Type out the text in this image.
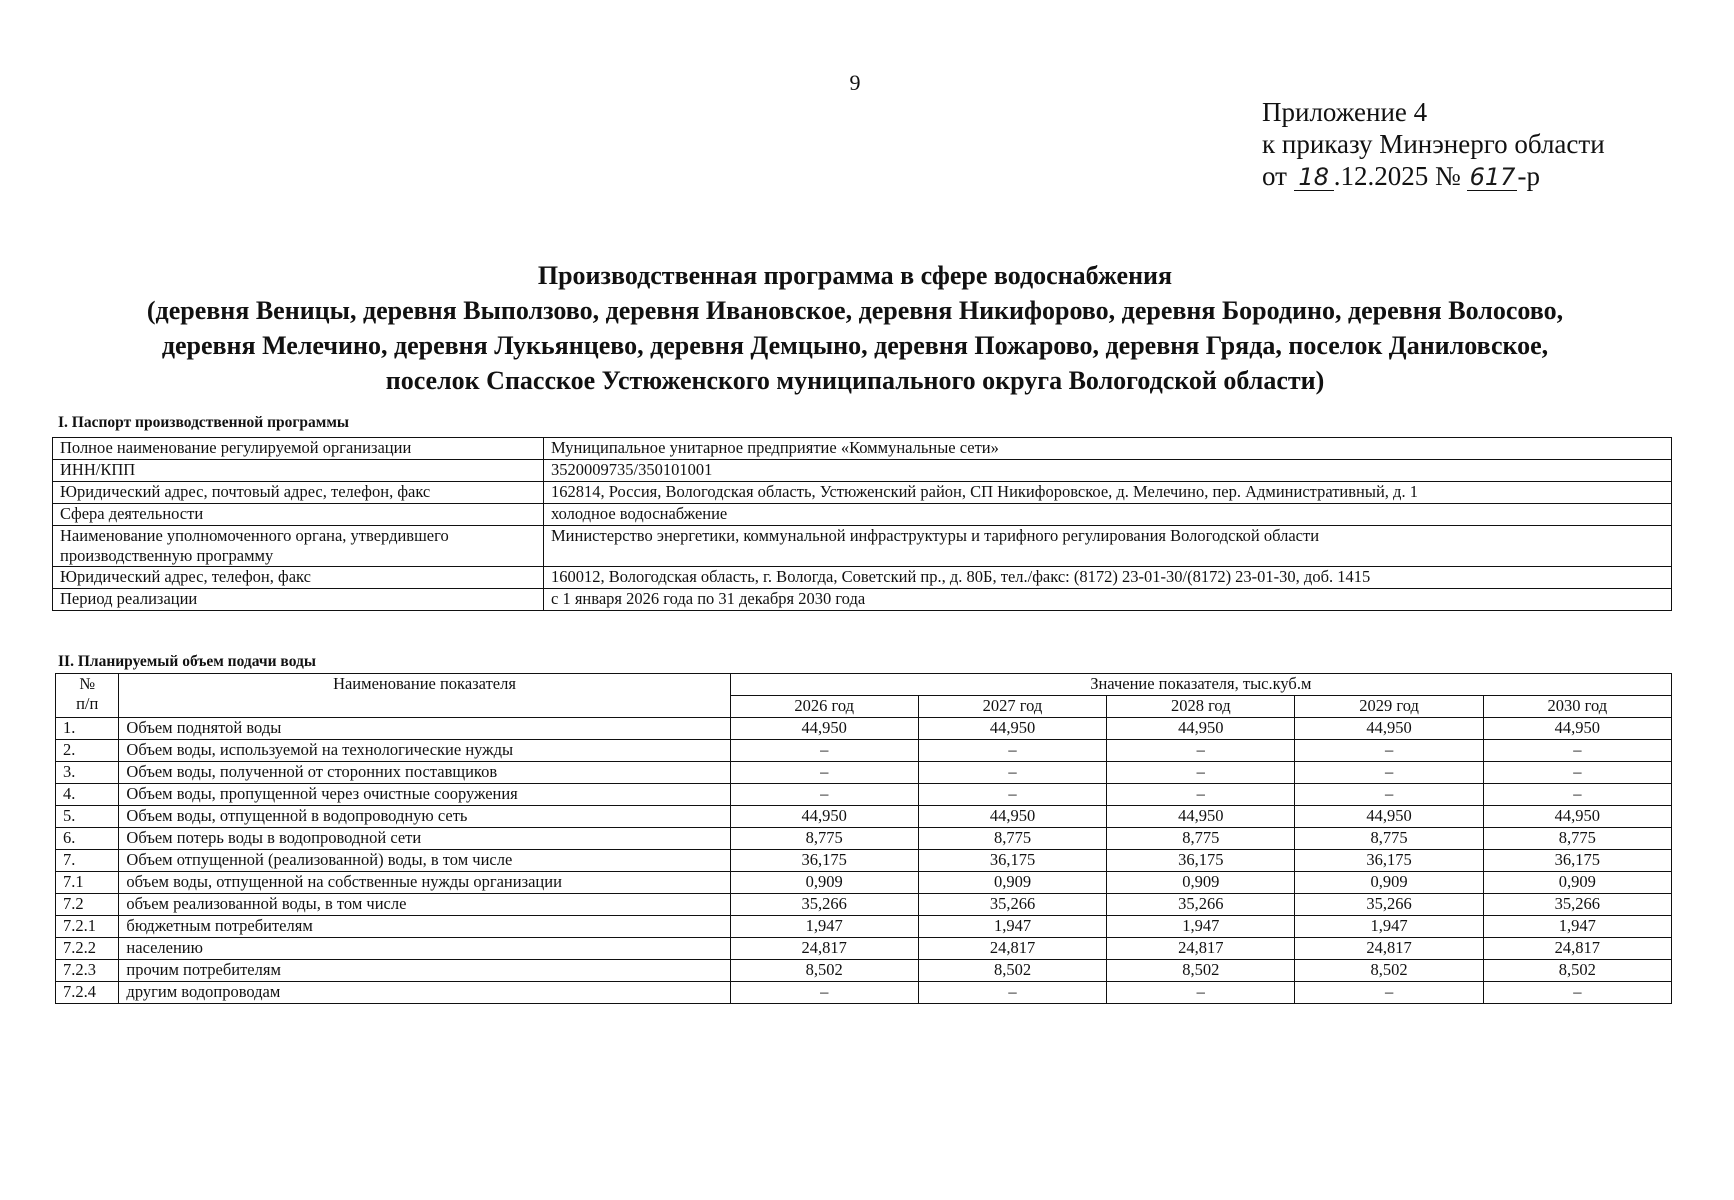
9
Приложение 4
к приказу Минэнерго области
от 18 .12.2025 № 617-р
Производственная программа в сфере водоснабжения
(деревня Веницы, деревня Выползово, деревня Ивановское, деревня Никифорово, деревня Бородино, деревня Волосово,
деревня Мелечино, деревня Лукьянцево, деревня Демцыно, деревня Пожарово, деревня Гряда, поселок Даниловское,
поселок Спасское Устюженского муниципального округа Вологодской области)
I. Паспорт производственной программы
Полное наименование регулируемой организации	Муниципальное унитарное предприятие «Коммунальные сети»
ИНН/КПП	3520009735/350101001
Юридический адрес, почтовый адрес, телефон, факс	162814, Россия, Вологодская область, Устюженский район, СП Никифоровское, д. Мелечино, пер. Административный, д. 1
Сфера деятельности	холодное водоснабжение
Наименование уполномоченного органа, утвердившего производственную программу	Министерство энергетики, коммунальной инфраструктуры и тарифного регулирования Вологодской области
Юридический адрес, телефон, факс	160012, Вологодская область, г. Вологда, Советский пр., д. 80Б, тел./факс: (8172) 23-01-30/(8172) 23-01-30, доб. 1415
Период реализации	с 1 января 2026 года по 31 декабря 2030 года
II. Планируемый объем подачи воды
№
п/п	Наименование показателя	Значение показателя, тыс.куб.м				
		2026 год	2027 год	2028 год	2029 год	2030 год
1.	Объем поднятой воды	44,950	44,950	44,950	44,950	44,950
2.	Объем воды, используемой на технологические нужды	–	–	–	–	–
3.	Объем воды, полученной от сторонних поставщиков	–	–	–	–	–
4.	Объем воды, пропущенной через очистные сооружения	–	–	–	–	–
5.	Объем воды, отпущенной в водопроводную сеть	44,950	44,950	44,950	44,950	44,950
6.	Объем потерь воды в водопроводной сети	8,775	8,775	8,775	8,775	8,775
7.	Объем отпущенной (реализованной) воды, в том числе	36,175	36,175	36,175	36,175	36,175
7.1	объем воды, отпущенной на собственные нужды организации	0,909	0,909	0,909	0,909	0,909
7.2	объем реализованной воды, в том числе	35,266	35,266	35,266	35,266	35,266
7.2.1	бюджетным потребителям	1,947	1,947	1,947	1,947	1,947
7.2.2	населению	24,817	24,817	24,817	24,817	24,817
7.2.3	прочим потребителям	8,502	8,502	8,502	8,502	8,502
7.2.4	другим водопроводам	–	–	–	–	–
